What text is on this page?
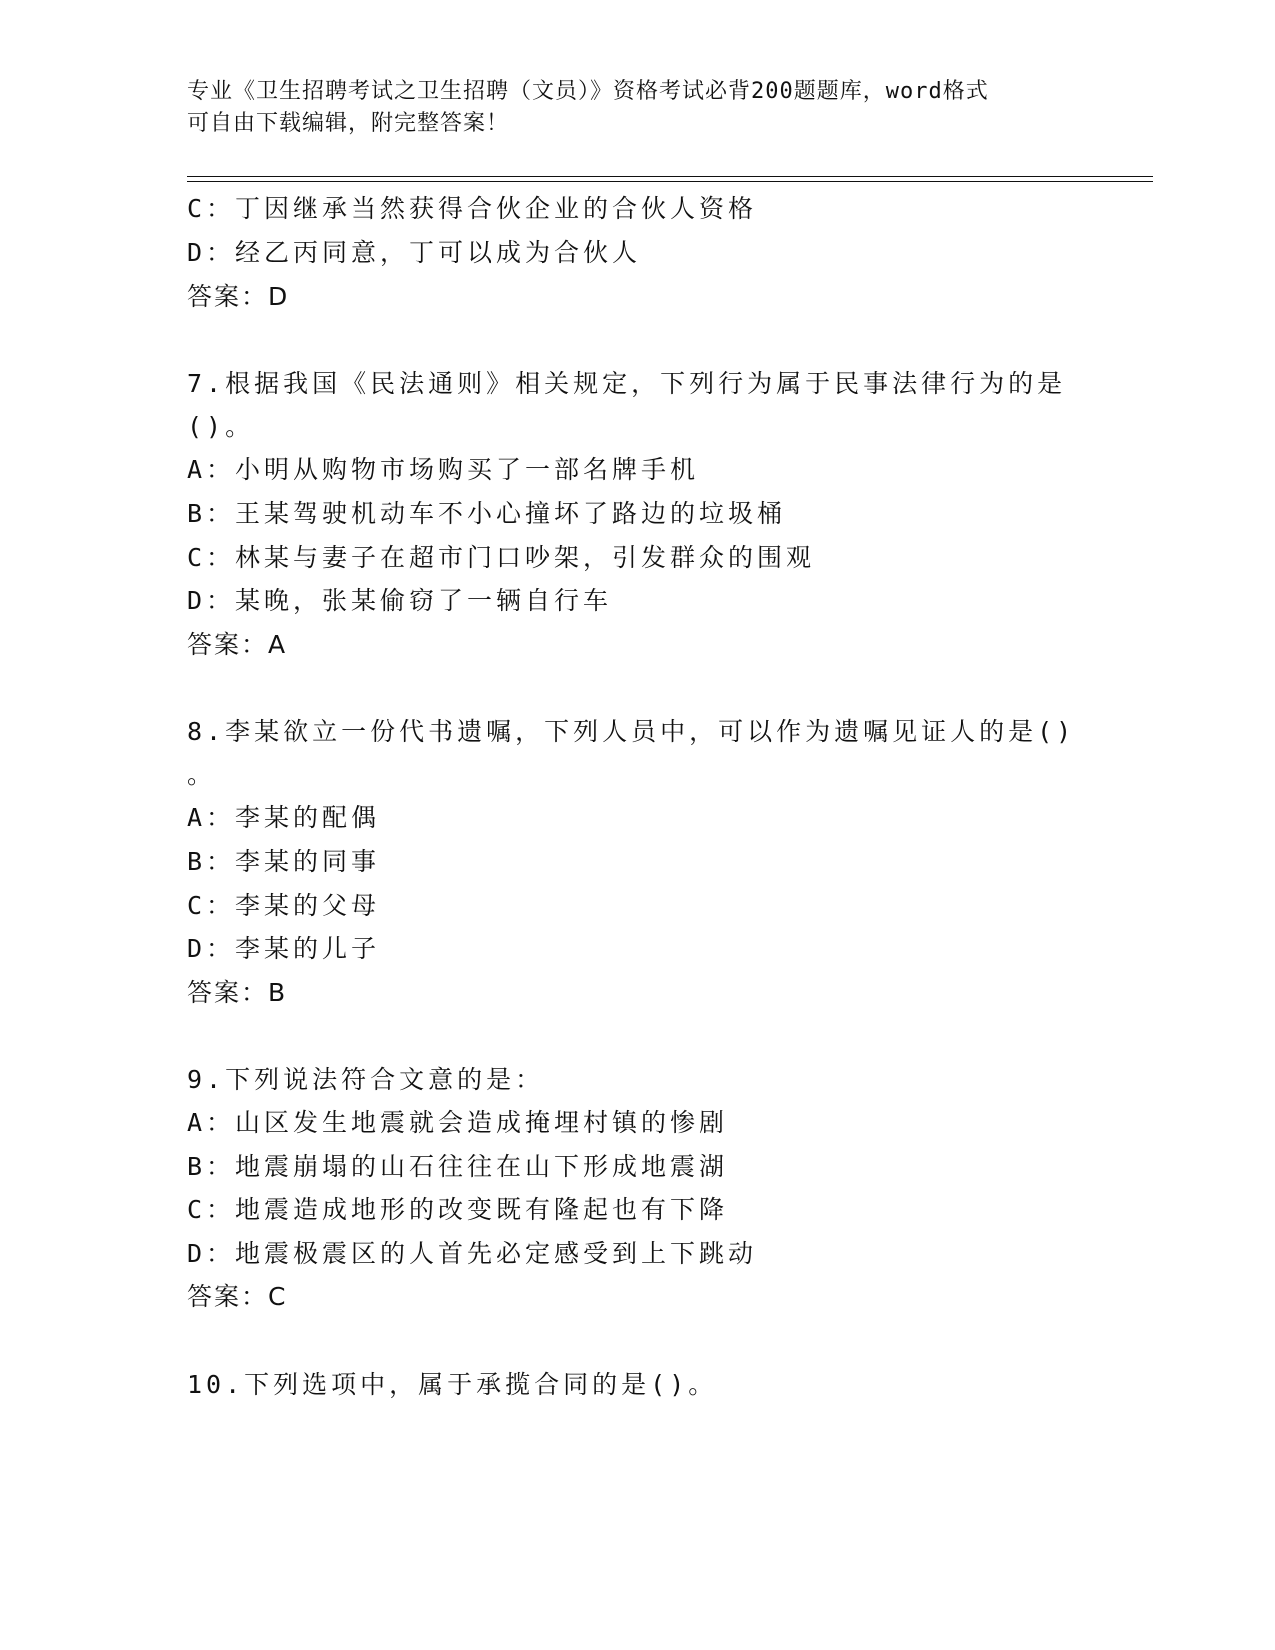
专业《卫生招聘考试之卫生招聘（文员）》资格考试必背200题题库，word格式
可自由下载编辑，附完整答案！
C：丁因继承当然获得合伙企业的合伙人资格
D：经乙丙同意，丁可以成为合伙人
答案：D
7.根据我国《民法通则》相关规定，下列行为属于民事法律行为的是
()。
A：小明从购物市场购买了一部名牌手机
B：王某驾驶机动车不小心撞坏了路边的垃圾桶
C：林某与妻子在超市门口吵架，引发群众的围观
D：某晚，张某偷窃了一辆自行车
答案：A
8.李某欲立一份代书遗嘱，下列人员中，可以作为遗嘱见证人的是()
。
A：李某的配偶
B：李某的同事
C：李某的父母
D：李某的儿子
答案：B
9.下列说法符合文意的是：
A：山区发生地震就会造成掩埋村镇的惨剧
B：地震崩塌的山石往往在山下形成地震湖
C：地震造成地形的改变既有隆起也有下降
D：地震极震区的人首先必定感受到上下跳动
答案：C
10.下列选项中，属于承揽合同的是()。
